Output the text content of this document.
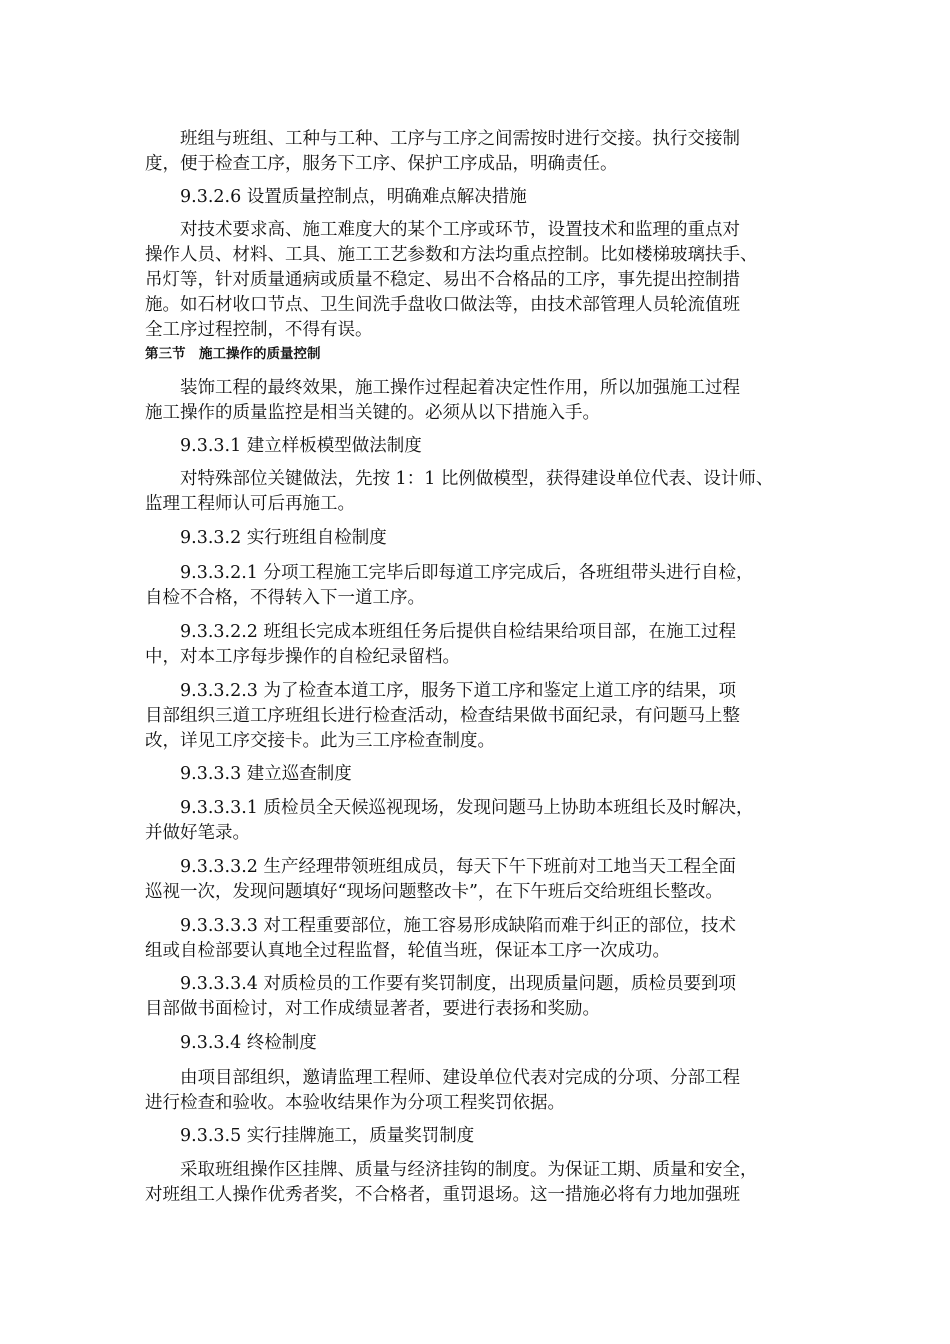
　　班组与班组、工种与工种、工序与工序之间需按时进行交接。执行交接制
度，便于检查工序，服务下工序、保护工序成品，明确责任。
　　9.3.2.6 设置质量控制点，明确难点解决措施
　　对技术要求高、施工难度大的某个工序或环节，设置技术和监理的重点对
操作人员、材料、工具、施工工艺参数和方法均重点控制。比如楼梯玻璃扶手、
吊灯等，针对质量通病或质量不稳定、易出不合格品的工序，事先提出控制措
施。如石材收口节点、卫生间洗手盘收口做法等，由技术部管理人员轮流值班
全工序过程控制，不得有误。
第三节　施工操作的质量控制
　　装饰工程的最终效果，施工操作过程起着决定性作用，所以加强施工过程
施工操作的质量监控是相当关键的。必须从以下措施入手。
　　9.3.3.1 建立样板模型做法制度
　　对特殊部位关键做法，先按 1：1 比例做模型，获得建设单位代表、设计师、
监理工程师认可后再施工。
　　9.3.3.2 实行班组自检制度
　　9.3.3.2.1 分项工程施工完毕后即每道工序完成后，各班组带头进行自检，
自检不合格，不得转入下一道工序。
　　9.3.3.2.2 班组长完成本班组任务后提供自检结果给项目部，在施工过程
中，对本工序每步操作的自检纪录留档。
　　9.3.3.2.3 为了检查本道工序，服务下道工序和鉴定上道工序的结果，项
目部组织三道工序班组长进行检查活动，检查结果做书面纪录，有问题马上整
改，详见工序交接卡。此为三工序检查制度。
　　9.3.3.3 建立巡查制度
　　9.3.3.3.1 质检员全天候巡视现场，发现问题马上协助本班组长及时解决，
并做好笔录。
　　9.3.3.3.2 生产经理带领班组成员，每天下午下班前对工地当天工程全面
巡视一次，发现问题填好“现场问题整改卡”，在下午班后交给班组长整改。
　　9.3.3.3.3 对工程重要部位，施工容易形成缺陷而难于纠正的部位，技术
组或自检部要认真地全过程监督，轮值当班，保证本工序一次成功。
　　9.3.3.3.4 对质检员的工作要有奖罚制度，出现质量问题，质检员要到项
目部做书面检讨，对工作成绩显著者，要进行表扬和奖励。
　　9.3.3.4 终检制度
　　由项目部组织，邀请监理工程师、建设单位代表对完成的分项、分部工程
进行检查和验收。本验收结果作为分项工程奖罚依据。
　　9.3.3.5 实行挂牌施工，质量奖罚制度
　　采取班组操作区挂牌、质量与经济挂钩的制度。为保证工期、质量和安全，
对班组工人操作优秀者奖，不合格者，重罚退场。这一措施必将有力地加强班
